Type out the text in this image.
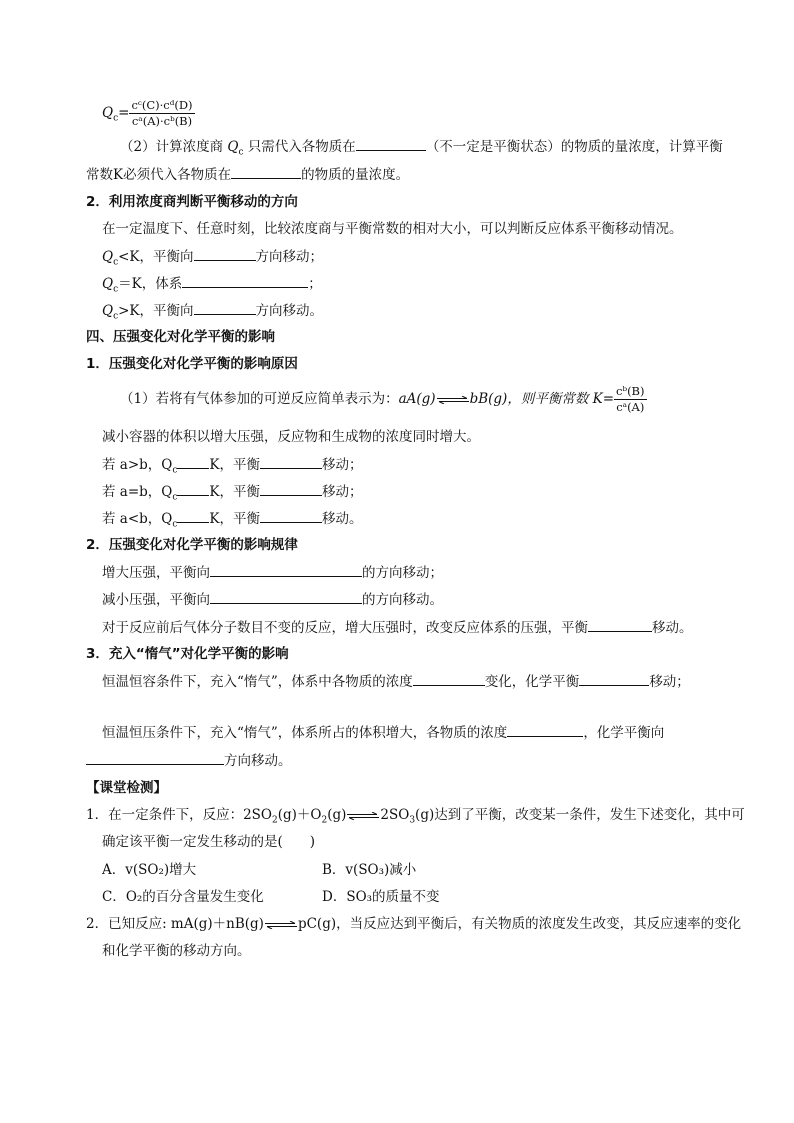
$Q_c= \frac{\text{cᶜ(C)·cᵈ(D)}}{\text{cᵃ(A)·cᵇ(B)}}$
（2）计算浓度商 $Q_c$ 只需代入各物质在	（不一定是平衡状态）的物质的量浓度，计算平衡
常数K必须代入各物质在	的物质的量浓度。
2．利用浓度商判断平衡移动的方向
在一定温度下、任意时刻，比较浓度商与平衡常数的相对大小，可以判断反应体系平衡移动情况。
$Q_c<K$，平衡向	方向移动；
$Q_c=K$，体系	；
$Q_c>K$，平衡向	方向移动。
四、压强变化对化学平衡的影响
1．压强变化对化学平衡的影响原因
（1）若将有气体参加的可逆反应简单表示为：aA(g)⇌bB(g)，则平衡常数 $K= \frac{\text{cᵇ(B)}}{\text{cᵃ(A)}}$
减小容器的体积以增大压强，反应物和生成物的浓度同时增大。
若 a>b，$Q_c$ K，平衡	移动；
若 a=b，$Q_c$ K，平衡	移动；
若 a<b，$Q_c$ K，平衡	移动。
2．压强变化对化学平衡的影响规律
增大压强，平衡向	的方向移动；
减小压强，平衡向	的方向移动。
对于反应前后气体分子数目不变的反应，增大压强时，改变反应体系的压强，平衡	移动。
3．充入“惰气”对化学平衡的影响
恒温恒容条件下，充入“惰气”，体系中各物质的浓度	变化，化学平衡	移动；
恒温恒压条件下，充入“惰气”，体系所占的体积增大，各物质的浓度	，化学平衡向
方向移动。
【课堂检测】
1．在一定条件下，反应：$2SO_2(g)+O_2(g)\rightleftharpoons 2SO_3(g)$达到了平衡，改变某一条件，发生下述变化，其中可
确定该平衡一定发生移动的是(　　)
A．v(SO₂)增大	B．v(SO₃)减小
C．O₂的百分含量发生变化	D．SO₃的质量不变
2．已知反应: mA(g)＋nB(g)⇌pC(g)，当反应达到平衡后，有关物质的浓度发生改变，其反应速率的变化
和化学平衡的移动方向。
